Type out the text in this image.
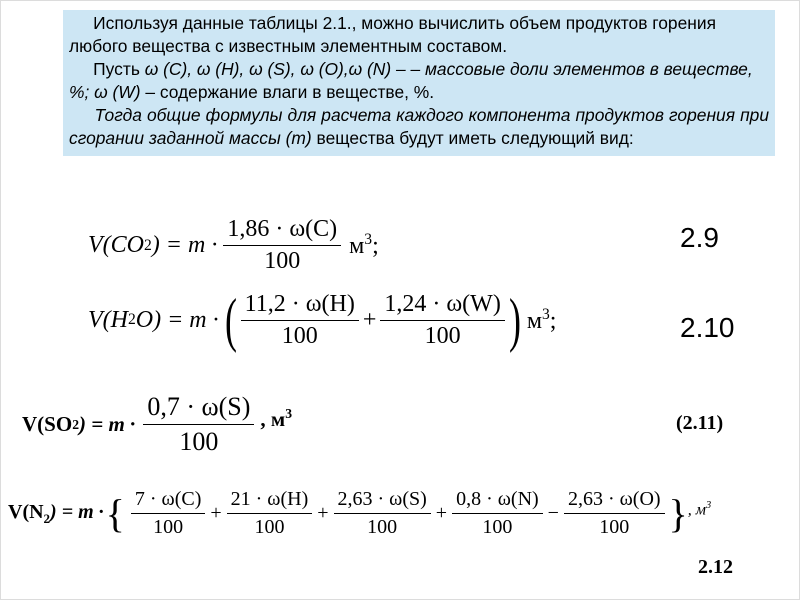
Используя данные таблицы 2.1., можно вычислить объем продуктов горения любого вещества с известным элементным составом.

Пусть ω (С), ω (Н), ω (S), ω (О),ω (N) – – массовые доли элементов в веществе, %; ω (W) – содержание влаги в веществе, %.

Тогда общие формулы для расчета каждого компонента продуктов горения при сгорании заданной массы (m) вещества будут иметь следующий вид:

V(CO 2 ) = $m \cdot \frac{1,86 \cdot \omega(C)}{100} м^3$;	2.9
V(H 2 O) = m · ( $\frac{11,2 \cdot \omega(H)}{100} + \frac{1,24 \cdot \omega(W)}{100}$ ) $м^3$;	2.10
V(SO 2 ) = $m \cdot \frac{0,7 \cdot \omega(S)}{100}$ , $м^3$	(2.11)
$V(N_2) = m$ · { $\frac{7 \cdot \omega(C)}{100} + \frac{21 \cdot \omega(H)}{100} + \frac{2,63 \cdot \omega(S)}{100} + \frac{0,8 \cdot \omega(N)}{100} - \frac{2,63 \cdot \omega(O)}{100}$ } , $м^3$
2.12
